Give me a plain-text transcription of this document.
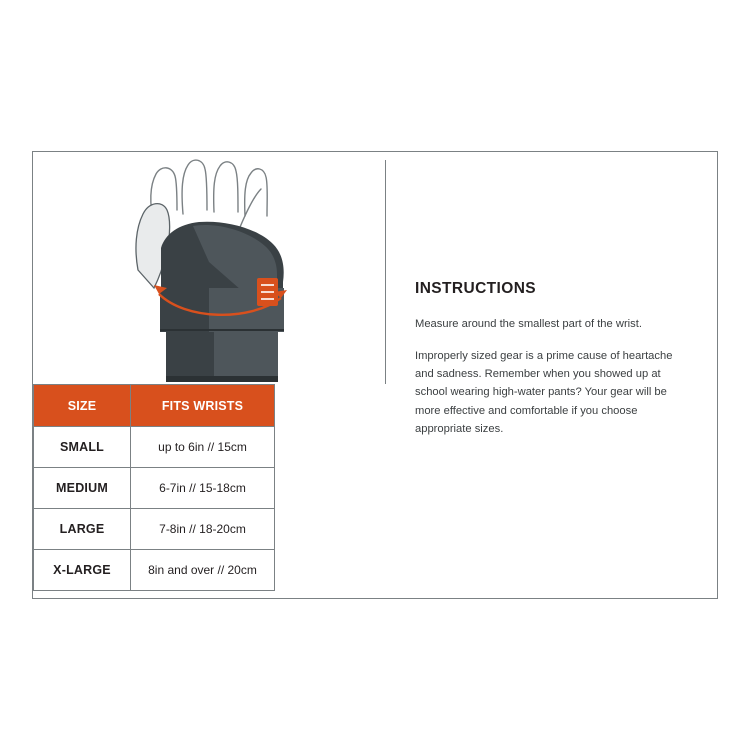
SIZE	FITS WRISTS
SMALL	up to 6in // 15cm
MEDIUM	6-7in // 15-18cm
LARGE	7-8in // 18-20cm
X-LARGE	8in and over // 20cm
INSTRUCTIONS

Measure around the smallest part of the wrist.

Improperly sized gear is a prime cause of heartache and sadness. Remember when you showed up at school wearing high-water pants? Your gear will be more effective and comfortable if you choose appropriate sizes.
